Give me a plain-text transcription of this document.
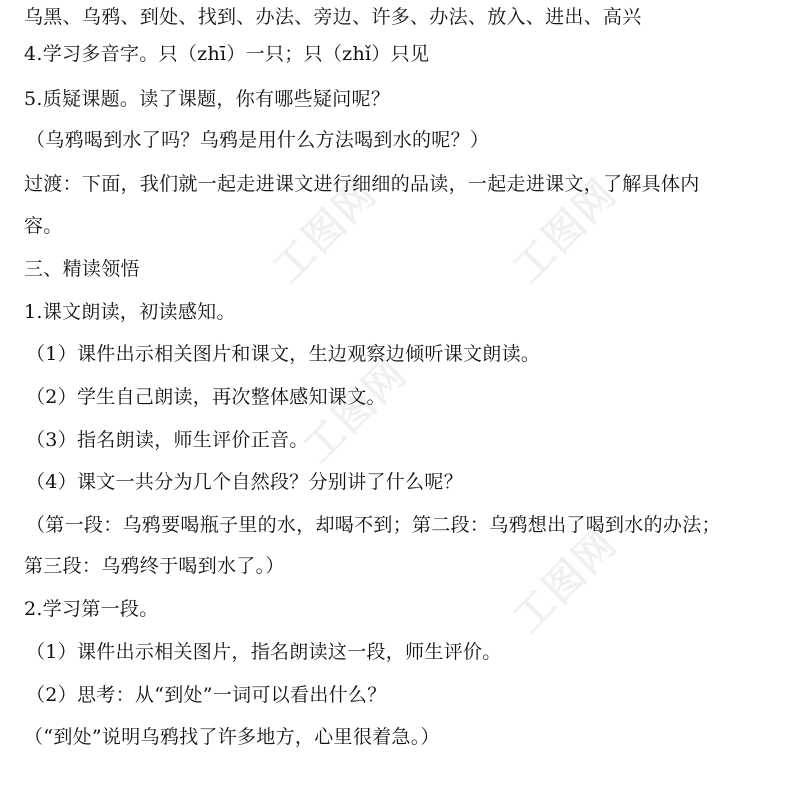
工图网	工图网
工图网
工图网
乌黑、乌鸦、到处、找到、办法、旁边、许多、办法、放入、进出、高兴
4.学习多音字。只（zhī）一只；只（zhǐ）只见
5.质疑课题。读了课题，你有哪些疑问呢？
（乌鸦喝到水了吗？乌鸦是用什么方法喝到水的呢？）
过渡：下面，我们就一起走进课文进行细细的品读，一起走进课文，了解具体内
容。
三、精读领悟
1.课文朗读，初读感知。
（1）课件出示相关图片和课文，生边观察边倾听课文朗读。
（2）学生自己朗读，再次整体感知课文。
（3）指名朗读，师生评价正音。
（4）课文一共分为几个自然段？分别讲了什么呢？
（第一段：乌鸦要喝瓶子里的水，却喝不到；第二段：乌鸦想出了喝到水的办法；
第三段：乌鸦终于喝到水了。）
2.学习第一段。
（1）课件出示相关图片，指名朗读这一段，师生评价。
（2）思考：从“到处”一词可以看出什么？
（“到处”说明乌鸦找了许多地方，心里很着急。）
